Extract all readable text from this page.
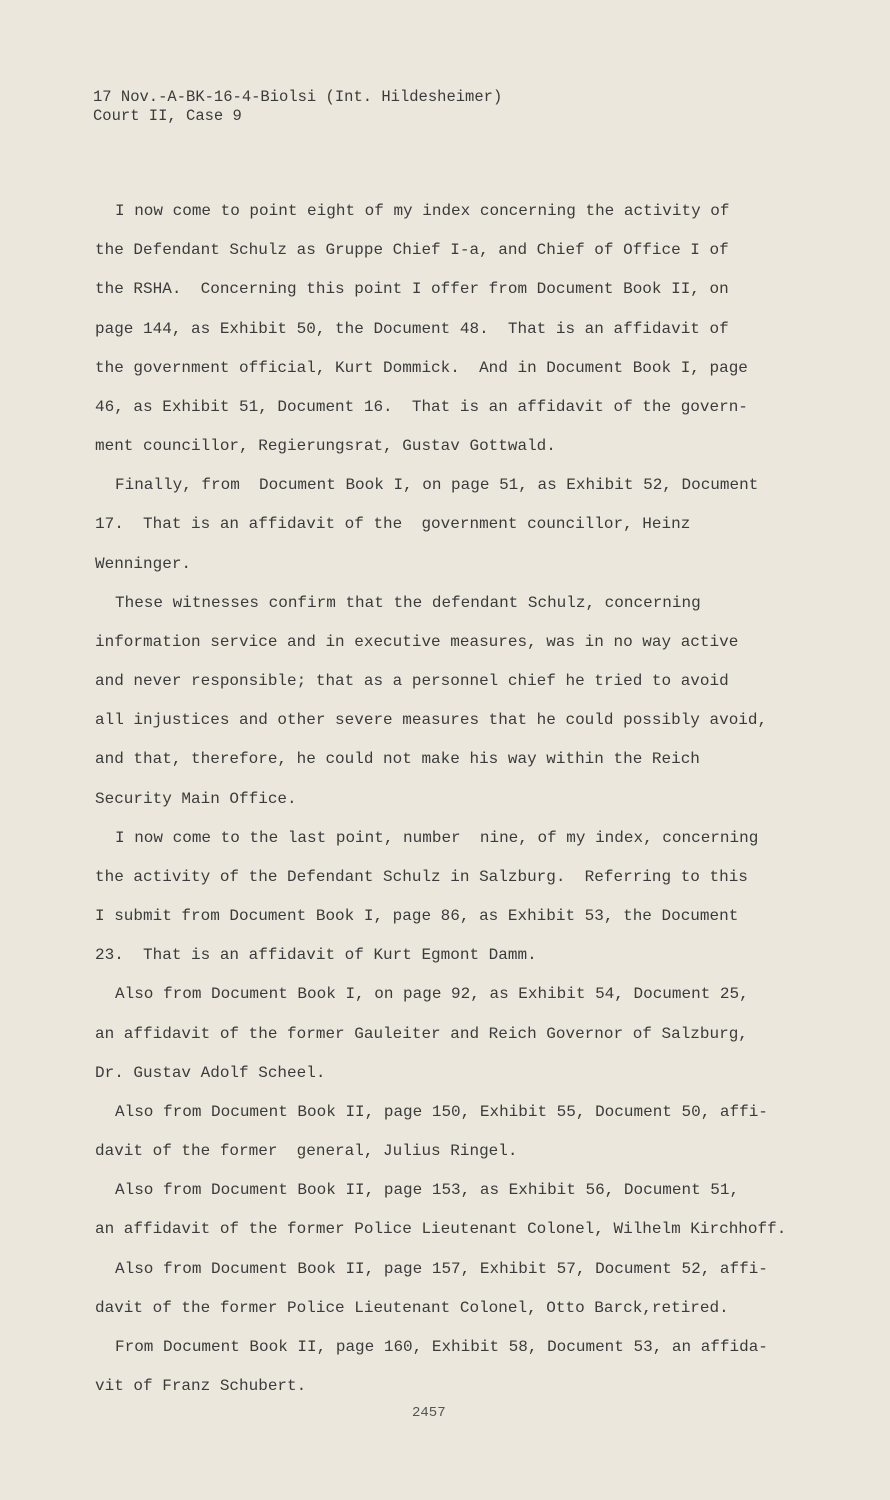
17 Nov.-A-BK-16-4-Biolsi (Int. Hildesheimer)
Court II, Case 9
I now come to point eight of my index concerning the activity of
the Defendant Schulz as Gruppe Chief I-a, and Chief of Office I of
the RSHA.  Concerning this point I offer from Document Book II, on
page 144, as Exhibit 50, the Document 48.  That is an affidavit of
the government official, Kurt Dommick.  And in Document Book I, page
46, as Exhibit 51, Document 16.  That is an affidavit of the govern-
ment councillor, Regierungsrat, Gustav Gottwald.
Finally, from  Document Book I, on page 51, as Exhibit 52, Document
17.  That is an affidavit of the  government councillor, Heinz
Wenninger.
These witnesses confirm that the defendant Schulz, concerning
information service and in executive measures, was in no way active
and never responsible; that as a personnel chief he tried to avoid
all injustices and other severe measures that he could possibly avoid,
and that, therefore, he could not make his way within the Reich
Security Main Office.
I now come to the last point, number  nine, of my index, concerning
the activity of the Defendant Schulz in Salzburg.  Referring to this
I submit from Document Book I, page 86, as Exhibit 53, the Document
23.  That is an affidavit of Kurt Egmont Damm.
Also from Document Book I, on page 92, as Exhibit 54, Document 25,
an affidavit of the former Gauleiter and Reich Governor of Salzburg,
Dr. Gustav Adolf Scheel.
Also from Document Book II, page 150, Exhibit 55, Document 50, affi-
davit of the former  general, Julius Ringel.
Also from Document Book II, page 153, as Exhibit 56, Document 51,
an affidavit of the former Police Lieutenant Colonel, Wilhelm Kirchhoff.
Also from Document Book II, page 157, Exhibit 57, Document 52, affi-
davit of the former Police Lieutenant Colonel, Otto Barck,retired.
From Document Book II, page 160, Exhibit 58, Document 53, an affida-
vit of Franz Schubert.
2457
